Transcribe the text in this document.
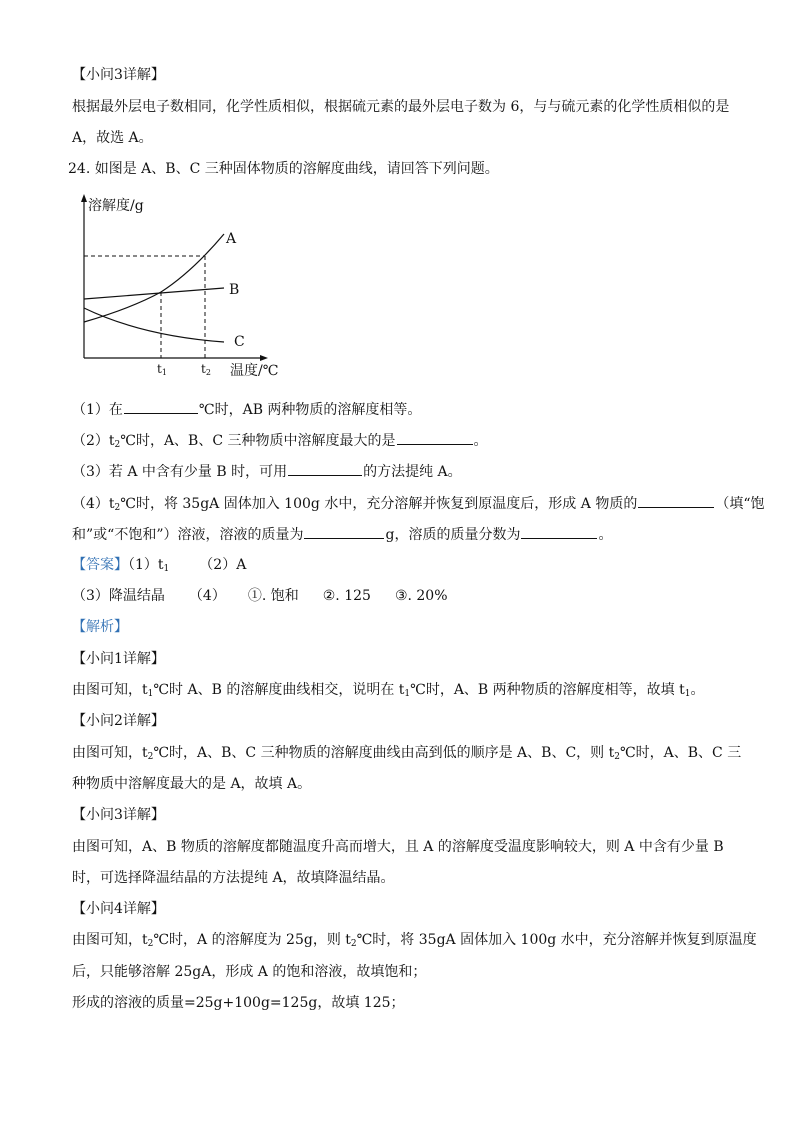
【小问3详解】
根据最外层电子数相同，化学性质相似，根据硫元素的最外层电子数为 6，与与硫元素的化学性质相似的是
A，故选 A。
24. 如图是 A、B、C 三种固体物质的溶解度曲线，请回答下列问题。
溶解度/g
温度/℃
A
B
C
t1	t2
（1）在	℃时，AB 两种物质的溶解度相等。
$(2)t_2℃$时，A、B、C 三种物质中溶解度最大的是	。
（3）若 A 中含有少量 B 时，可用	的方法提纯 A。
$(4)t_2℃$时，将 35gA 固体加入 100g 水中，充分溶解并恢复到原温度后，形成 A 物质的	（填“饱
和”或“不饱和”）溶液，溶液的质量为	g，溶质的质量分数为	。
【答案】$(1)t_1$ （2）A
（3）降温结晶 （4） ①. 饱和 ②. 125 ③. 20%
【解析】
【小问1详解】
由图可知，$t_1℃$时 A、B 的溶解度曲线相交，说明在 $t_1℃$时，A、B 两种物质的溶解度相等，故填 $t_1$。
【小问2详解】
由图可知，$t_2℃$时，A、B、C 三种物质的溶解度曲线由高到低的顺序是 A、B、C，则 $t_2℃$时，A、B、C 三
种物质中溶解度最大的是 A，故填 A。
【小问3详解】
由图可知，A、B 物质的溶解度都随温度升高而增大，且 A 的溶解度受温度影响较大，则 A 中含有少量 B
时，可选择降温结晶的方法提纯 A，故填降温结晶。
【小问4详解】
由图可知，$t_2℃$时，A 的溶解度为 25g，则 $t_2℃$时，将 35gA 固体加入 100g 水中，充分溶解并恢复到原温度
后，只能够溶解 25gA，形成 A 的饱和溶液，故填饱和；
形成的溶液的质量=25g+100g=125g，故填 125；
